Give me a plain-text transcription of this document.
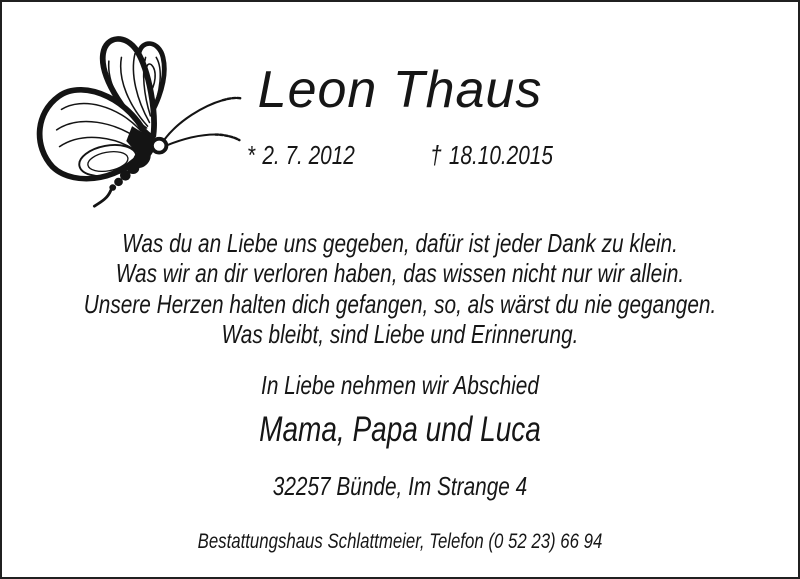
Leon Thaus
* 2. 7. 2012	† 18.10.2015
Was du an Liebe uns gegeben, dafür ist jeder Dank zu klein.
Was wir an dir verloren haben, das wissen nicht nur wir allein.
Unsere Herzen halten dich gefangen, so, als wärst du nie gegangen.
Was bleibt, sind Liebe und Erinnerung.
In Liebe nehmen wir Abschied
Mama, Papa und Luca
32257 Bünde, Im Strange 4
Bestattungshaus Schlattmeier, Telefon (0 52 23) 66 94
